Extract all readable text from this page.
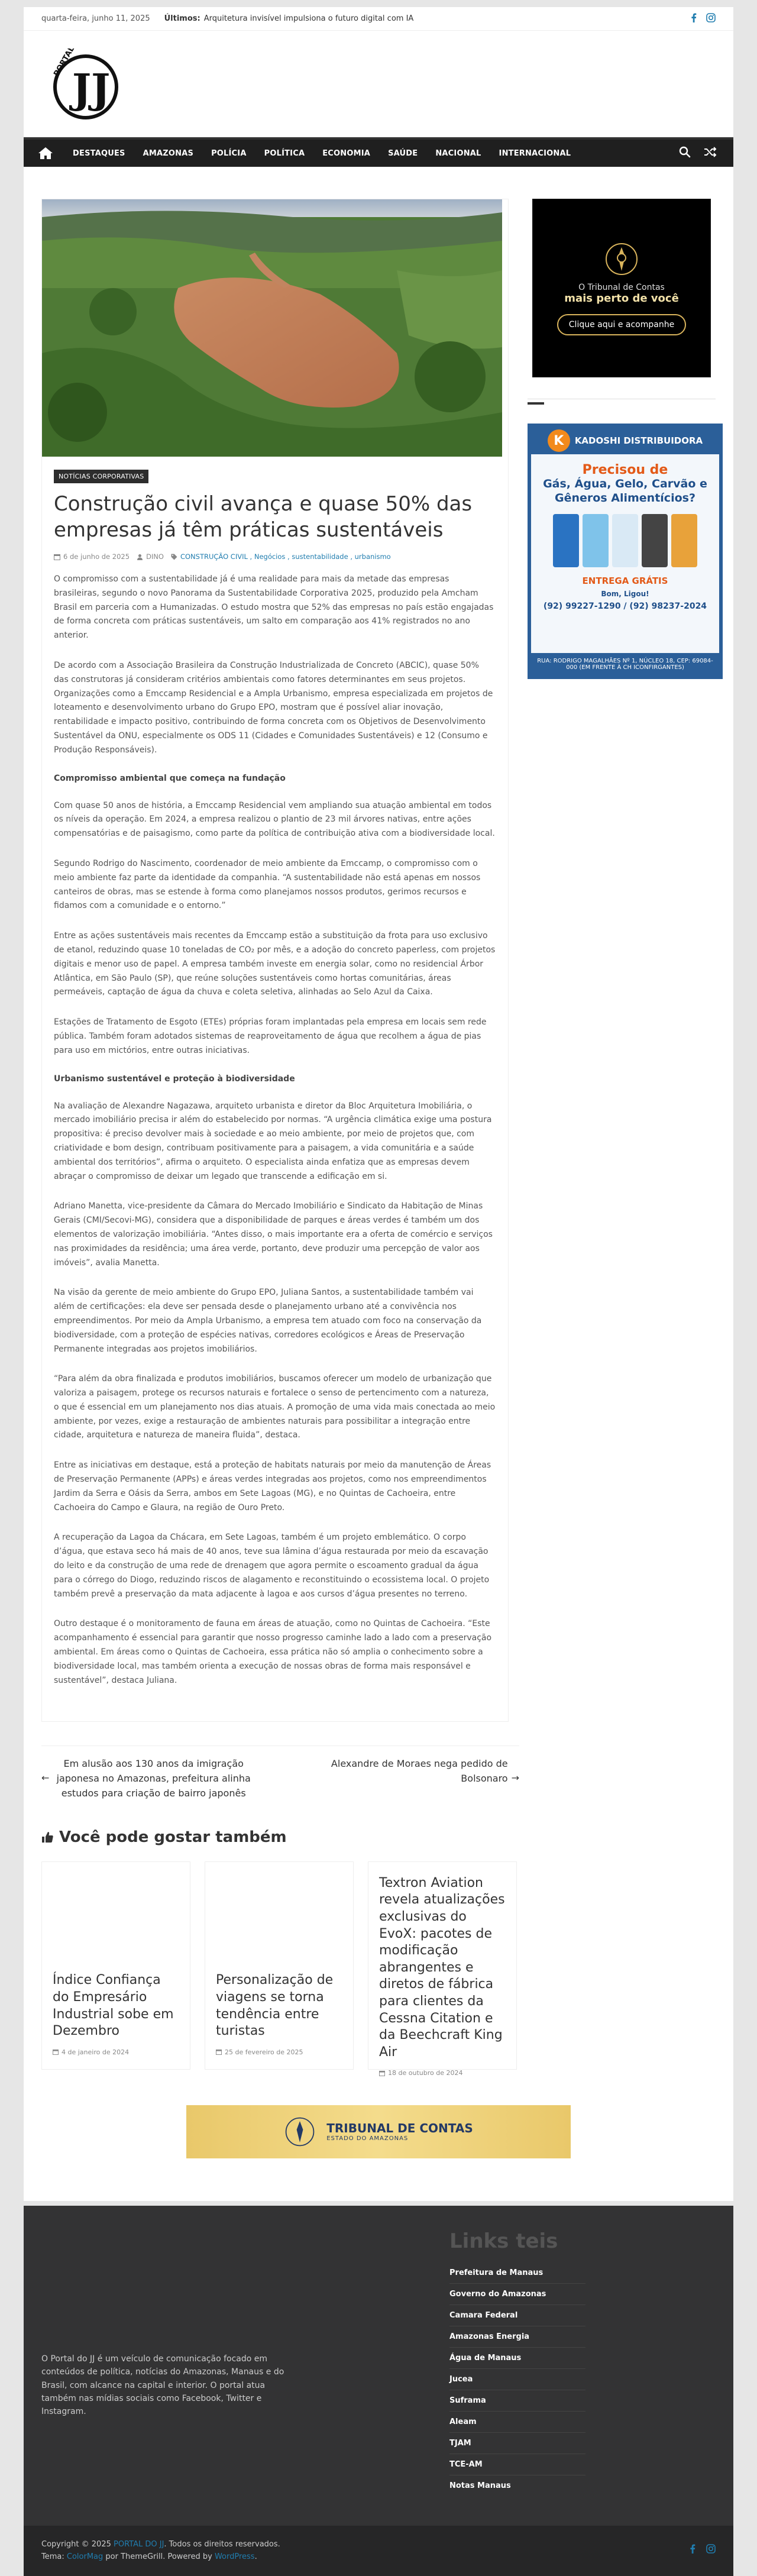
quarta-feira, junho 11, 2025 Últimos: Arquitetura invisível impulsiona o futuro digital com IA
PORTAL
JJ
DESTAQUES	AMAZONAS	POLÍCIA	POLÍTICA	ECONOMIA	SAÚDE	NACIONAL	INTERNACIONAL
NOTÍCIAS CORPORATIVAS
Construção civil avança e quase 50% das empresas já têm práticas sustentáveis
6 de junho de 2025 DINO CONSTRUÇÃO CIVIL , Negócios , sustentabilidade , urbanismo

O compromisso com a sustentabilidade já é uma realidade para mais da metade das empresas brasileiras, segundo o novo Panorama da Sustentabilidade Corporativa 2025, produzido pela Amcham Brasil em parceria com a Humanizadas. O estudo mostra que 52% das empresas no país estão engajadas de forma concreta com práticas sustentáveis, um salto em comparação aos 41% registrados no ano anterior.

De acordo com a Associação Brasileira da Construção Industrializada de Concreto (ABCIC), quase 50% das construtoras já consideram critérios ambientais como fatores determinantes em seus projetos. Organizações como a Emccamp Residencial e a Ampla Urbanismo, empresa especializada em projetos de loteamento e desenvolvimento urbano do Grupo EPO, mostram que é possível aliar inovação, rentabilidade e impacto positivo, contribuindo de forma concreta com os Objetivos de Desenvolvimento Sustentável da ONU, especialmente os ODS 11 (Cidades e Comunidades Sustentáveis) e 12 (Consumo e Produção Responsáveis).

Compromisso ambiental que começa na fundação

Com quase 50 anos de história, a Emccamp Residencial vem ampliando sua atuação ambiental em todos os níveis da operação. Em 2024, a empresa realizou o plantio de 23 mil árvores nativas, entre ações compensatórias e de paisagismo, como parte da política de contribuição ativa com a biodiversidade local.

Segundo Rodrigo do Nascimento, coordenador de meio ambiente da Emccamp, o compromisso com o meio ambiente faz parte da identidade da companhia. “A sustentabilidade não está apenas em nossos canteiros de obras, mas se estende à forma como planejamos nossos produtos, gerimos recursos e fidamos com a comunidade e o entorno.”

Entre as ações sustentáveis mais recentes da Emccamp estão a substituição da frota para uso exclusivo de etanol, reduzindo quase 10 toneladas de CO₂ por mês, e a adoção do concreto paperless, com projetos digitais e menor uso de papel. A empresa também investe em energia solar, como no residencial Árbor Atlântica, em São Paulo (SP), que reúne soluções sustentáveis como hortas comunitárias, áreas permeáveis, captação de água da chuva e coleta seletiva, alinhadas ao Selo Azul da Caixa.

Estações de Tratamento de Esgoto (ETEs) próprias foram implantadas pela empresa em locais sem rede pública. Também foram adotados sistemas de reaproveitamento de água que recolhem a água de pias para uso em mictórios, entre outras iniciativas.

Urbanismo sustentável e proteção à biodiversidade

Na avaliação de Alexandre Nagazawa, arquiteto urbanista e diretor da Bloc Arquitetura Imobiliária, o mercado imobiliário precisa ir além do estabelecido por normas. “A urgência climática exige uma postura propositiva: é preciso devolver mais à sociedade e ao meio ambiente, por meio de projetos que, com criatividade e bom design, contribuam positivamente para a paisagem, a vida comunitária e a saúde ambiental dos territórios”, afirma o arquiteto. O especialista ainda enfatiza que as empresas devem abraçar o compromisso de deixar um legado que transcende a edificação em si.

Adriano Manetta, vice-presidente da Câmara do Mercado Imobiliário e Sindicato da Habitação de Minas Gerais (CMI/Secovi-MG), considera que a disponibilidade de parques e áreas verdes é também um dos elementos de valorização imobiliária. “Antes disso, o mais importante era a oferta de comércio e serviços nas proximidades da residência; uma área verde, portanto, deve produzir uma percepção de valor aos imóveis”, avalia Manetta.

Na visão da gerente de meio ambiente do Grupo EPO, Juliana Santos, a sustentabilidade também vai além de certificações: ela deve ser pensada desde o planejamento urbano até a convivência nos empreendimentos. Por meio da Ampla Urbanismo, a empresa tem atuado com foco na conservação da biodiversidade, com a proteção de espécies nativas, corredores ecológicos e Áreas de Preservação Permanente integradas aos projetos imobiliários.

“Para além da obra finalizada e produtos imobiliários, buscamos oferecer um modelo de urbanização que valoriza a paisagem, protege os recursos naturais e fortalece o senso de pertencimento com a natureza, o que é essencial em um planejamento nos dias atuais. A promoção de uma vida mais conectada ao meio ambiente, por vezes, exige a restauração de ambientes naturais para possibilitar a integração entre cidade, arquitetura e natureza de maneira fluida”, destaca.

Entre as iniciativas em destaque, está a proteção de habitats naturais por meio da manutenção de Áreas de Preservação Permanente (APPs) e áreas verdes integradas aos projetos, como nos empreendimentos Jardim da Serra e Oásis da Serra, ambos em Sete Lagoas (MG), e no Quintas de Cachoeira, entre Cachoeira do Campo e Glaura, na região de Ouro Preto.

A recuperação da Lagoa da Chácara, em Sete Lagoas, também é um projeto emblemático. O corpo d’água, que estava seco há mais de 40 anos, teve sua lâmina d’água restaurada por meio da escavação do leito e da construção de uma rede de drenagem que agora permite o escoamento gradual da água para o córrego do Diogo, reduzindo riscos de alagamento e reconstituindo o ecossistema local. O projeto também prevê a preservação da mata adjacente à lagoa e aos cursos d’água presentes no terreno.

Outro destaque é o monitoramento de fauna em áreas de atuação, como no Quintas de Cachoeira. “Este acompanhamento é essencial para garantir que nosso progresso caminhe lado a lado com a preservação ambiental. Em áreas como o Quintas de Cachoeira, essa prática não só amplia o conhecimento sobre a biodiversidade local, mas também orienta a execução de nossas obras de forma mais responsável e sustentável”, destaca Juliana.

O Tribunal de Contas
mais perto de você
Clique aqui e acompanhe
K	KADOSHI DISTRIBUIDORA
Precisou de
Gás, Água, Gelo, Carvão e Gêneros Alimentícios?
ENTREGA GRÁTIS
Bom, Ligou!
(92) 99227-1290 / (92) 98237-2024
RUA: RODRIGO MAGALHÃES Nº 1, NÚCLEO 18, CEP: 69084-000 (EM FRENTE À CH ICONFIRGANTES)
←
Em alusão aos 130 anos da imigração japonesa no Amazonas, prefeitura alinha estudos para criação de bairro japonês
Alexandre de Moraes nega pedido de Bolsonaro →
Você pode gostar também
Índice Confiança do Empresário Industrial sobe em Dezembro
4 de janeiro de 2024
Personalização de viagens se torna tendência entre turistas
25 de fevereiro de 2025
Textron Aviation revela atualizações exclusivas do EvoX: pacotes de modificação abrangentes e diretos de fábrica para clientes da Cessna Citation e da Beechcraft King Air
18 de outubro de 2024
TRIBUNAL DE CONTAS
ESTADO DO AMAZONAS
O Portal do JJ é um veículo de comunicação focado em conteúdos de política, notícias do Amazonas, Manaus e do Brasil, com alcance na capital e interior. O portal atua também nas mídias sociais como Facebook, Twitter e Instagram.
Links teis
Prefeitura de Manaus
Governo do Amazonas
Camara Federal
Amazonas Energia
Água de Manaus
Jucea
Suframa
Aleam
TJAM
TCE-AM
Notas Manaus
Copyright © 2025 PORTAL DO JJ. Todos os direitos reservados.
Tema: ColorMag por ThemeGrill. Powered by WordPress.
